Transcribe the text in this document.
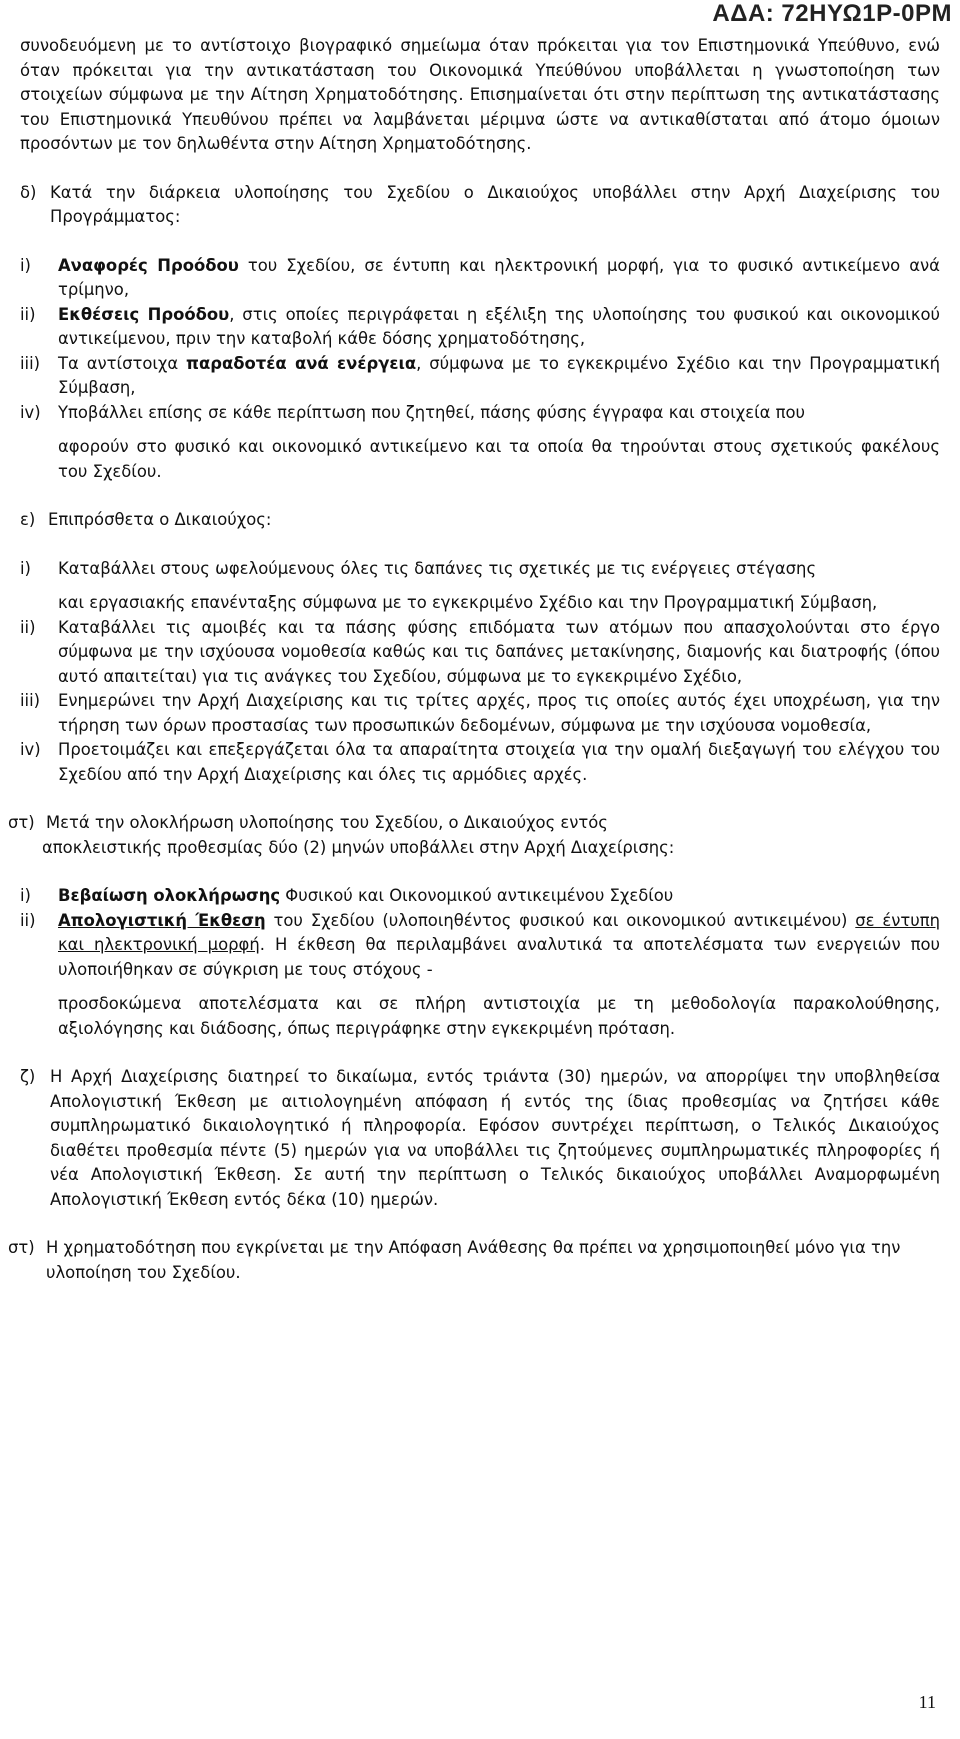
ΑΔΑ: 72ΗΥΩ1Ρ-0ΡΜ

συνοδευόμενη με το αντίστοιχο βιογραφικό σημείωμα όταν πρόκειται για τον Επιστημονικά Υπεύθυνο, ενώ όταν πρόκειται για την αντικατάσταση του Οικονομικά Υπεύθύνου υποβάλλεται η γνωστοποίηση των στοιχείων σύμφωνα με την Αίτηση Χρηματοδότησης. Επισημαίνεται ότι στην περίπτωση της αντικατάστασης του Επιστημονικά Υπευθύνου πρέπει να λαμβάνεται μέριμνα ώστε να αντικαθίσταται από άτομο όμοιων προσόντων με τον δηλωθέντα στην Αίτηση Χρηματοδότησης.

δ) Κατά την διάρκεια υλοποίησης του Σχεδίου ο Δικαιούχος υποβάλλει στην Αρχή Διαχείρισης του Προγράμματος:
i)	Αναφορές Προόδου του Σχεδίου, σε έντυπη και ηλεκτρονική μορφή, για το φυσικό αντικείμενο ανά τρίμηνο,
ii)	Εκθέσεις Προόδου, στις οποίες περιγράφεται η εξέλιξη της υλοποίησης του φυσικού και οικονομικού αντικείμενου, πριν την καταβολή κάθε δόσης χρηματοδότησης,
iii)	Τα αντίστοιχα παραδοτέα ανά ενέργεια, σύμφωνα με το εγκεκριμένο Σχέδιο και την Προγραμματική Σύμβαση,
iv)	Υποβάλλει επίσης σε κάθε περίπτωση που ζητηθεί, πάσης φύσης έγγραφα και στοιχεία που

αφορούν στο φυσικό και οικονομικό αντικείμενο και τα οποία θα τηρούνται στους σχετικούς φακέλους του Σχεδίου.

ε) Επιπρόσθετα ο Δικαιούχος:
i)	Καταβάλλει στους ωφελούμενους όλες τις δαπάνες τις σχετικές με τις ενέργειες στέγασης

και εργασιακής επανένταξης σύμφωνα με το εγκεκριμένο Σχέδιο και την Προγραμματική Σύμβαση,

ii)	Καταβάλλει τις αμοιβές και τα πάσης φύσης επιδόματα των ατόμων που απασχολούνται στο έργο σύμφωνα με την ισχύουσα νομοθεσία καθώς και τις δαπάνες μετακίνησης, διαμονής και διατροφής (όπου αυτό απαιτείται) για τις ανάγκες του Σχεδίου, σύμφωνα με το εγκεκριμένο Σχέδιο,
iii)	Ενημερώνει την Αρχή Διαχείρισης και τις τρίτες αρχές, προς τις οποίες αυτός έχει υποχρέωση, για την τήρηση των όρων προστασίας των προσωπικών δεδομένων, σύμφωνα με την ισχύουσα νομοθεσία,
iv)	Προετοιμάζει και επεξεργάζεται όλα τα απαραίτητα στοιχεία για την ομαλή διεξαγωγή του ελέγχου του Σχεδίου από την Αρχή Διαχείρισης και όλες τις αρμόδιες αρχές.
στ) Μετά την ολοκλήρωση υλοποίησης του Σχεδίου, ο Δικαιούχος εντός

αποκλειστικής προθεσμίας δύο (2) μηνών υποβάλλει στην Αρχή Διαχείρισης:

i)	Βεβαίωση ολοκλήρωσης Φυσικού και Οικονομικού αντικειμένου Σχεδίου
ii)	Απολογιστική Έκθεση του Σχεδίου (υλοποιηθέντος φυσικού και οικονομικού αντικειμένου) σε έντυπη και ηλεκτρονική μορφή. Η έκθεση θα περιλαμβάνει αναλυτικά τα αποτελέσματα των ενεργειών που υλοποιήθηκαν σε σύγκριση με τους στόχους -

προσδοκώμενα αποτελέσματα και σε πλήρη αντιστοιχία με τη μεθοδολογία παρακολούθησης, αξιολόγησης και διάδοσης, όπως περιγράφηκε στην εγκεκριμένη πρόταση.

ζ) Η Αρχή Διαχείρισης διατηρεί το δικαίωμα, εντός τριάντα (30) ημερών, να απορρίψει την υποβληθείσα Απολογιστική Έκθεση με αιτιολογημένη απόφαση ή εντός της ίδιας προθεσμίας να ζητήσει κάθε συμπληρωματικό δικαιολογητικό ή πληροφορία. Εφόσον συντρέχει περίπτωση, ο Τελικός Δικαιούχος διαθέτει προθεσμία πέντε (5) ημερών για να υποβάλλει τις ζητούμενες συμπληρωματικές πληροφορίες ή νέα Απολογιστική Έκθεση. Σε αυτή την περίπτωση ο Τελικός δικαιούχος υποβάλλει Αναμορφωμένη Απολογιστική Έκθεση εντός δέκα (10) ημερών.
στ) Η χρηματοδότηση που εγκρίνεται με την Απόφαση Ανάθεσης θα πρέπει να χρησιμοποιηθεί μόνο για την υλοποίηση του Σχεδίου.
11
